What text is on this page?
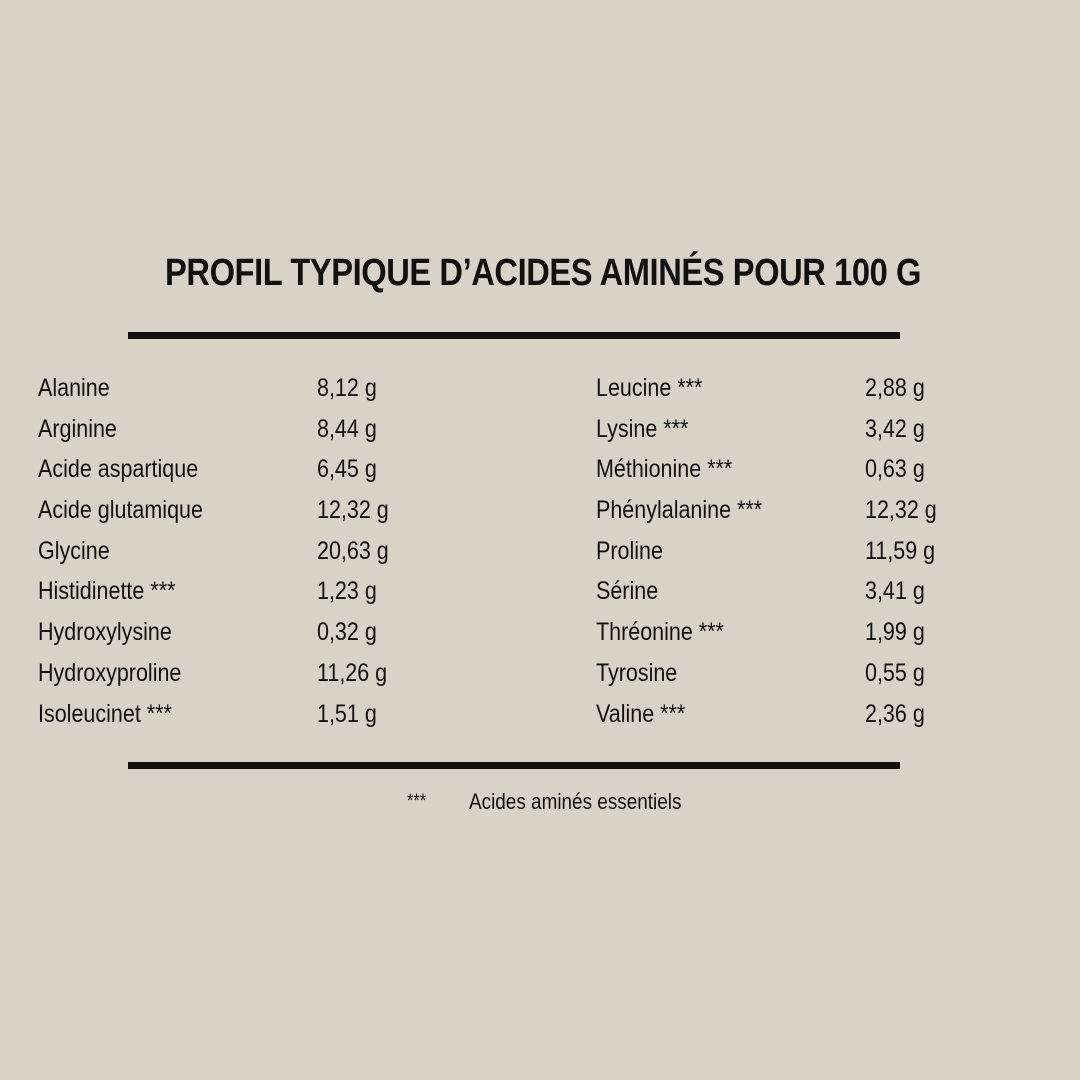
PROFIL TYPIQUE D’ACIDES AMINÉS POUR 100 G
Alanine	8,12 g
Arginine	8,44 g
Acide aspartique	6,45 g
Acide glutamique	12,32 g
Glycine	20,63 g
Histidinette ***	1,23 g
Hydroxylysine	0,32 g
Hydroxyproline	11,26 g
Isoleucinet ***	1,51 g
Leucine ***	2,88 g
Lysine ***	3,42 g
Méthionine ***	0,63 g
Phénylalanine ***	12,32 g
Proline	11,59 g
Sérine	3,41 g
Thréonine ***	1,99 g
Tyrosine	0,55 g
Valine ***	2,36 g
*** Acides aminés essentiels
